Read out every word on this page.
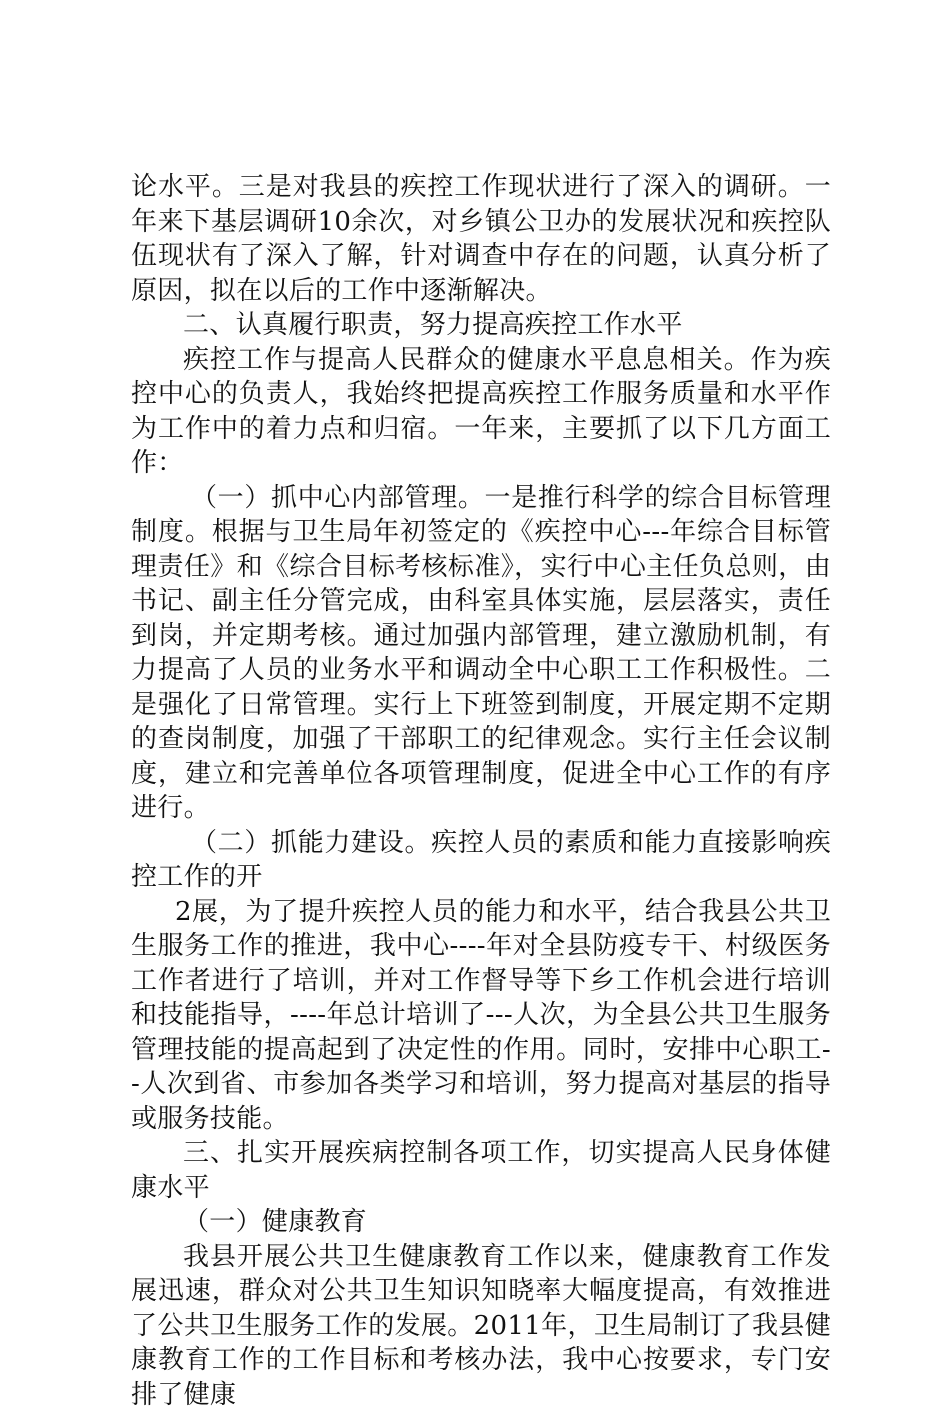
论水平。三是对我县的疾控工作现状进行了深入的调研。一年来下基层调研10余次，对乡镇公卫办的发展状况和疾控队伍现状有了深入了解，针对调查中存在的问题，认真分析了原因，拟在以后的工作中逐渐解决。

二、认真履行职责，努力提高疾控工作水平

疾控工作与提高人民群众的健康水平息息相关。作为疾控中心的负责人，我始终把提高疾控工作服务质量和水平作为工作中的着力点和归宿。一年来，主要抓了以下几方面工作：

（一）抓中心内部管理。一是推行科学的综合目标管理制度。根据与卫生局年初签定的《疾控中心---年综合目标管理责任》和《综合目标考核标准》，实行中心主任负总则，由书记、副主任分管完成，由科室具体实施，层层落实，责任到岗，并定期考核。通过加强内部管理，建立激励机制，有力提高了人员的业务水平和调动全中心职工工作积极性。二是强化了日常管理。实行上下班签到制度，开展定期不定期的查岗制度，加强了干部职工的纪律观念。实行主任会议制度，建立和完善单位各项管理制度，促进全中心工作的有序进行。

（二）抓能力建设。疾控人员的素质和能力直接影响疾控工作的开

2展，为了提升疾控人员的能力和水平，结合我县公共卫生服务工作的推进，我中心----年对全县防疫专干、村级医务工作者进行了培训，并对工作督导等下乡工作机会进行培训和技能指导，----年总计培训了---人次，为全县公共卫生服务管理技能的提高起到了决定性的作用。同时，安排中心职工--人次到省、市参加各类学习和培训，努力提高对基层的指导或服务技能。

三、扎实开展疾病控制各项工作，切实提高人民身体健康水平

（一）健康教育

我县开展公共卫生健康教育工作以来，健康教育工作发展迅速，群众对公共卫生知识知晓率大幅度提高，有效推进了公共卫生服务工作的发展。2011年，卫生局制订了我县健康教育工作的工作目标和考核办法，我中心按要求，专门安排了健康
